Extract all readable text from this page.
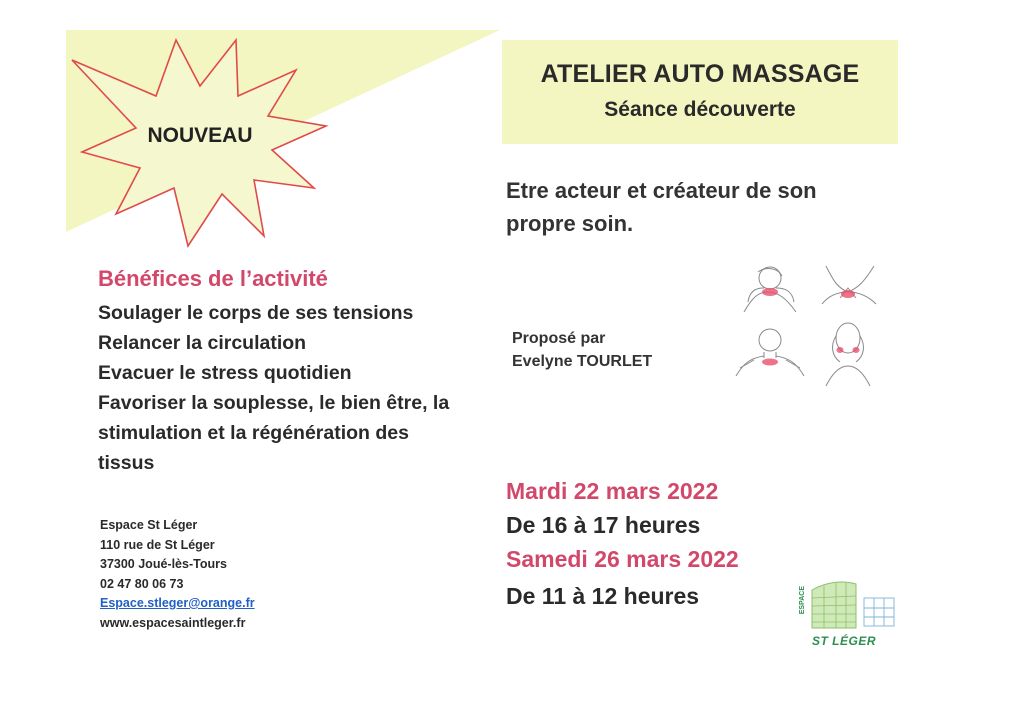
ATELIER AUTO MASSAGE
Séance découverte
NOUVEAU
Etre acteur et créateur de son
propre soin.
Bénéfices de l’activité
Soulager le corps de ses tensions
Relancer la circulation
Evacuer le stress quotidien
Favoriser la souplesse, le bien être, la
stimulation et la régénération des
tissus
Proposé par
Evelyne TOURLET
Mardi 22 mars 2022
De 16 à 17 heures
Samedi 26 mars 2022
De 11 à 12 heures
Espace St Léger
110 rue de St Léger
37300 Joué-lès-Tours
02 47 80 06 73
Espace.stleger@orange.fr
www.espacesaintleger.fr
ESPACE
ST LÉGER
